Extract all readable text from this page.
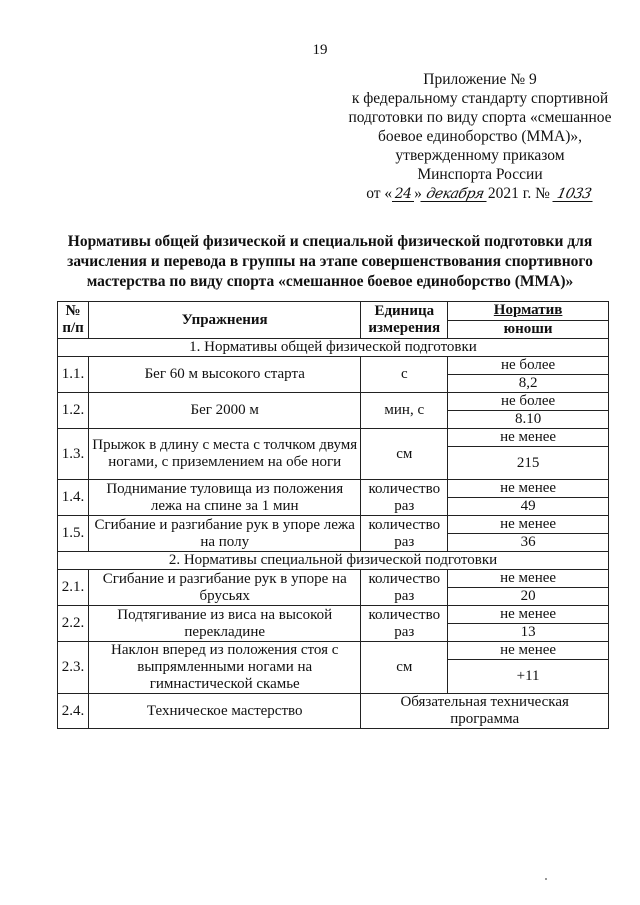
19
Приложение № 9
к федеральному стандарту спортивной
подготовки по виду спорта «смешанное
боевое единоборство (ММА)»,
утвержденному приказом
Минспорта России
от « 24 » декабря 2021 г. № 1033
Нормативы общей физической и специальной физической подготовки для зачисления и перевода в группы на этапе совершенствования спортивного мастерства по виду спорта «смешанное боевое единоборство (ММА)»
№ п/п	Упражнения	Единица измерения	Норматив
			юноши
1. Нормативы общей физической подготовки			
1.1.	Бег 60 м высокого старта	с	не более
			8,2
1.2.	Бег 2000 м	мин, с	не более
			8.10
1.3.	Прыжок в длину с места с толчком двумя ногами, с приземлением на обе ноги	см	не менее
			215
1.4.	Поднимание туловища из положения лежа на спине за 1 мин	количество раз	не менее
			49
1.5.	Сгибание и разгибание рук в упоре лежа на полу	количество раз	не менее
			36
2. Нормативы специальной физической подготовки			
2.1.	Сгибание и разгибание рук в упоре на брусьях	количество раз	не менее
			20
2.2.	Подтягивание из виса на высокой перекладине	количество раз	не менее
			13
2.3.	Наклон вперед из положения стоя с выпрямленными ногами на гимнастической скамье	см	не менее
			+11
2.4.	Техническое мастерство	Обязательная техническая программа	
